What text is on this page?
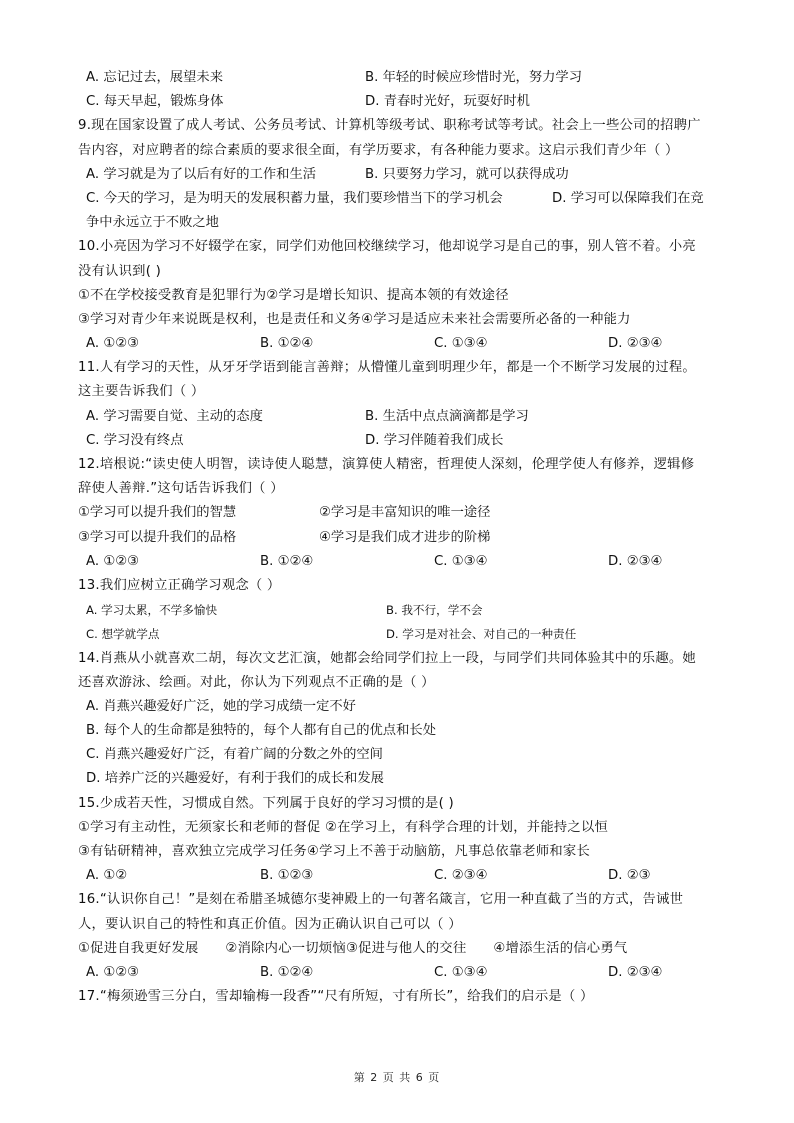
A. 忘记过去，展望未来	B. 年轻的时候应珍惜时光，努力学习
C. 每天早起，锻炼身体	D. 青春时光好，玩耍好时机
9.现在国家设置了成人考试、公务员考试、计算机等级考试、职称考试等考试。社会上一些公司的招聘广
告内容，对应聘者的综合素质的要求很全面，有学历要求，有各种能力要求。这启示我们青少年（ ）
A. 学习就是为了以后有好的工作和生活	B. 只要努力学习，就可以获得成功
C. 今天的学习，是为明天的发展积蓄力量，我们要珍惜当下的学习机会	D. 学习可以保障我们在竞
争中永远立于不败之地
10.小亮因为学习不好辍学在家，同学们劝他回校继续学习，他却说学习是自己的事，别人管不着。小亮
没有认识到( )
①不在学校接受教育是犯罪行为②学习是增长知识、提高本领的有效途径
③学习对青少年来说既是权利，也是责任和义务④学习是适应未来社会需要所必备的一种能力
A. ①②③	B. ①②④	C. ①③④	D. ②③④
11.人有学习的天性，从牙牙学语到能言善辩；从懵懂儿童到明理少年，都是一个不断学习发展的过程。
这主要告诉我们（ ）
A. 学习需要自觉、主动的态度	B. 生活中点点滴滴都是学习
C. 学习没有终点	D. 学习伴随着我们成长
12.培根说:“读史使人明智，读诗使人聪慧，演算使人精密，哲理使人深刻，伦理学使人有修养，逻辑修
辞使人善辩.”这句话告诉我们（ ）
①学习可以提升我们的智慧	②学习是丰富知识的唯一途径
③学习可以提升我们的品格	④学习是我们成才进步的阶梯
A. ①②③	B. ①②④	C. ①③④	D. ②③④
13.我们应树立正确学习观念（ ）
A. 学习太累，不学多愉快	B. 我不行，学不会
C. 想学就学点	D. 学习是对社会、对自己的一种责任
14.肖燕从小就喜欢二胡，每次文艺汇演，她都会给同学们拉上一段，与同学们共同体验其中的乐趣。她
还喜欢游泳、绘画。对此，你认为下列观点不正确的是（ ）
A. 肖燕兴趣爱好广泛，她的学习成绩一定不好
B. 每个人的生命都是独特的，每个人都有自己的优点和长处
C. 肖燕兴趣爱好广泛，有着广阔的分数之外的空间
D. 培养广泛的兴趣爱好，有利于我们的成长和发展
15.少成若天性，习惯成自然。下列属于良好的学习习惯的是( )
①学习有主动性，无须家长和老师的督促 ②在学习上，有科学合理的计划，并能持之以恒
③有钻研精神，喜欢独立完成学习任务④学习上不善于动脑筋，凡事总依靠老师和家长
A. ①②	B. ①②③	C. ②③④	D. ②③
16.“认识你自己！”是刻在希腊圣城德尔斐神殿上的一句著名箴言，它用一种直截了当的方式，告诫世
人，要认识自己的特性和真正价值。因为正确认识自己可以（ ）
①促进自我更好发展      ②消除内心一切烦恼③促进与他人的交往      ④增添生活的信心勇气
A. ①②③	B. ①②④	C. ①③④	D. ②③④
17.“梅须逊雪三分白，雪却输梅一段香”“尺有所短，寸有所长”，给我们的启示是（ ）
第 2 页 共 6 页
